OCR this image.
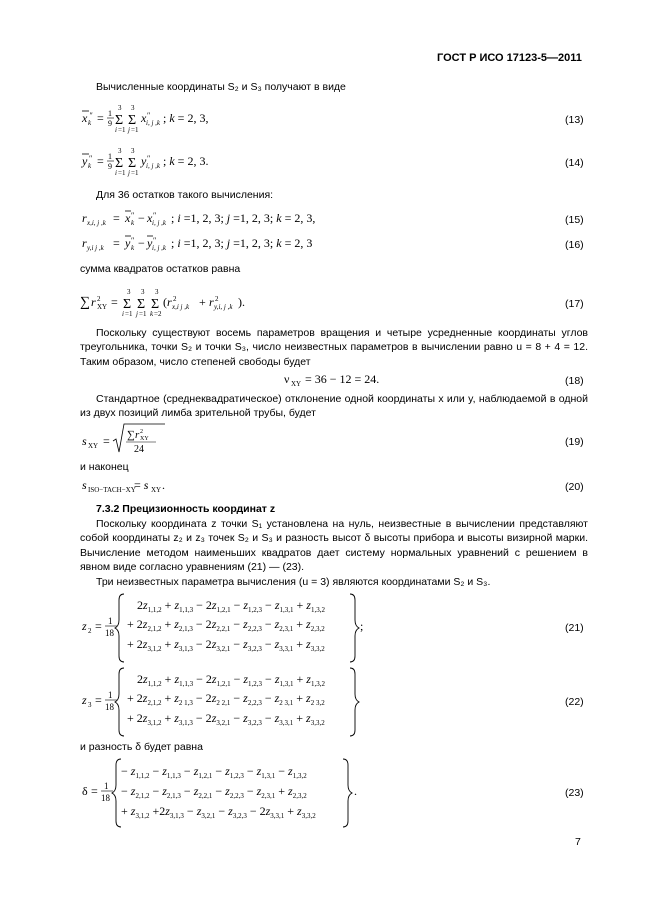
ГОСТ Р ИСО 17123-5—2011
Вычисленные координаты S₂ и S₃ получают в виде
x ″
k = 1
9
3
Σ
i =1
3
Σ
j =1
x ″
i, j ,k ; k = 2, 3,
y ″
k = 1
9
3
Σ
i =1
3
Σ
j =1
y ″
i, j ,k ; k = 2, 3.
r x,i, j ,k = x ″
k − x ″
i, j ,k ; i =1, 2, 3; j =1, 2, 3; k = 2, 3,
r y,i j ,k = y ″
k − y ″
i, j ,k ; i =1, 2, 3; j =1, 2, 3; k = 2, 3
∑ r 2
XY =
3
Σ
i =1
3
Σ
j =1
3
Σ
k =2
( r 2
x,i j ,k + r 2
y,i, j ,k ).
ν XY = 36 − 12 = 24.
s XY = ∑ r 2
XY
24
s ISO−TACH−XY
= s XY .
z 2 = 1
18
$2z_{1,1,2} + z_{1,1,3} - 2z_{1,2,1} - z_{1,2,3} - z_{1,3,1} + z_{1,3,2}$
+ $2z_{2,1,2} + z_{2,1,3} - 2z_{2,2,1} - z_{2,2,3} - z_{2,3,1} + z_{2,3,2}$
+ $2z_{3,1,2} + z_{3,1,3} - 2z_{3,2,1} - z_{3,2,3} - z_{3,3,1} + z_{3,3,2}$
;
z 3 = 1
18
$2z_{1,1,2} + z_{1,1,3} - 2z_{1,2,1} - z_{1,2,3} - z_{1,3,1} + z_{1,3,2}$
+ $2z_{2,1,2} + z_{2 1,3} - 2z_{2 2,1} - z_{2,2,3} - z_{2 3,1} + z_{2 3,2}$
+ $2z_{3,1,2} + z_{3,1,3} - 2z_{3,2,1} - z_{3,2,3} - z_{3,3,1} + z_{3,3,2}$
δ = 1
18
− $z_{1,1,2} - z_{1,1,3} - z_{1,2,1} - z_{1,2,3} - z_{1,3,1} - z_{1,3,2}$
− $z_{2,1,2} - z_{2,1,3} - z_{2,2,1} - z_{2,2,3} - z_{2,3,1} + z_{2,3,2}$
+ $z_{3,1,2} +2z_{3,1,3} - z_{3,2,1} - z_{3,2,3} - 2z_{3,3,1} + z_{3,3,2}$
.
(13)
(14)
(15)
(16)
(17)
(18)
(19)
(20)
(21)
(22)
(23)
Для 36 остатков такого вычисления:
сумма квадратов остатков равна
Поскольку существуют восемь параметров вращения и четыре усредненные координаты углов треугольника, точки S₂ и точки S₃, число неизвестных параметров в вычислении равно u = 8 + 4 = 12. Таким образом, число степеней свободы будет
Стандартное (среднеквадратическое) отклонение одной координаты x или y, наблюдаемой в одной из двух позиций лимба зрительной трубы, будет
и наконец
7.3.2 Прецизионность координат z
Поскольку координата z точки S₁ установлена на нуль, неизвестные в вычислении представляют собой координаты z₂ и z₃ точек S₂ и S₃ и разность высот δ высоты прибора и высоты визирной марки. Вычисление методом наименьших квадратов дает систему нормальных уравнений с решением в явном виде согласно уравнениям (21) — (23).
Три неизвестных параметра вычисления (u = 3) являются координатами S₂ и S₃.
и разность δ будет равна
7
